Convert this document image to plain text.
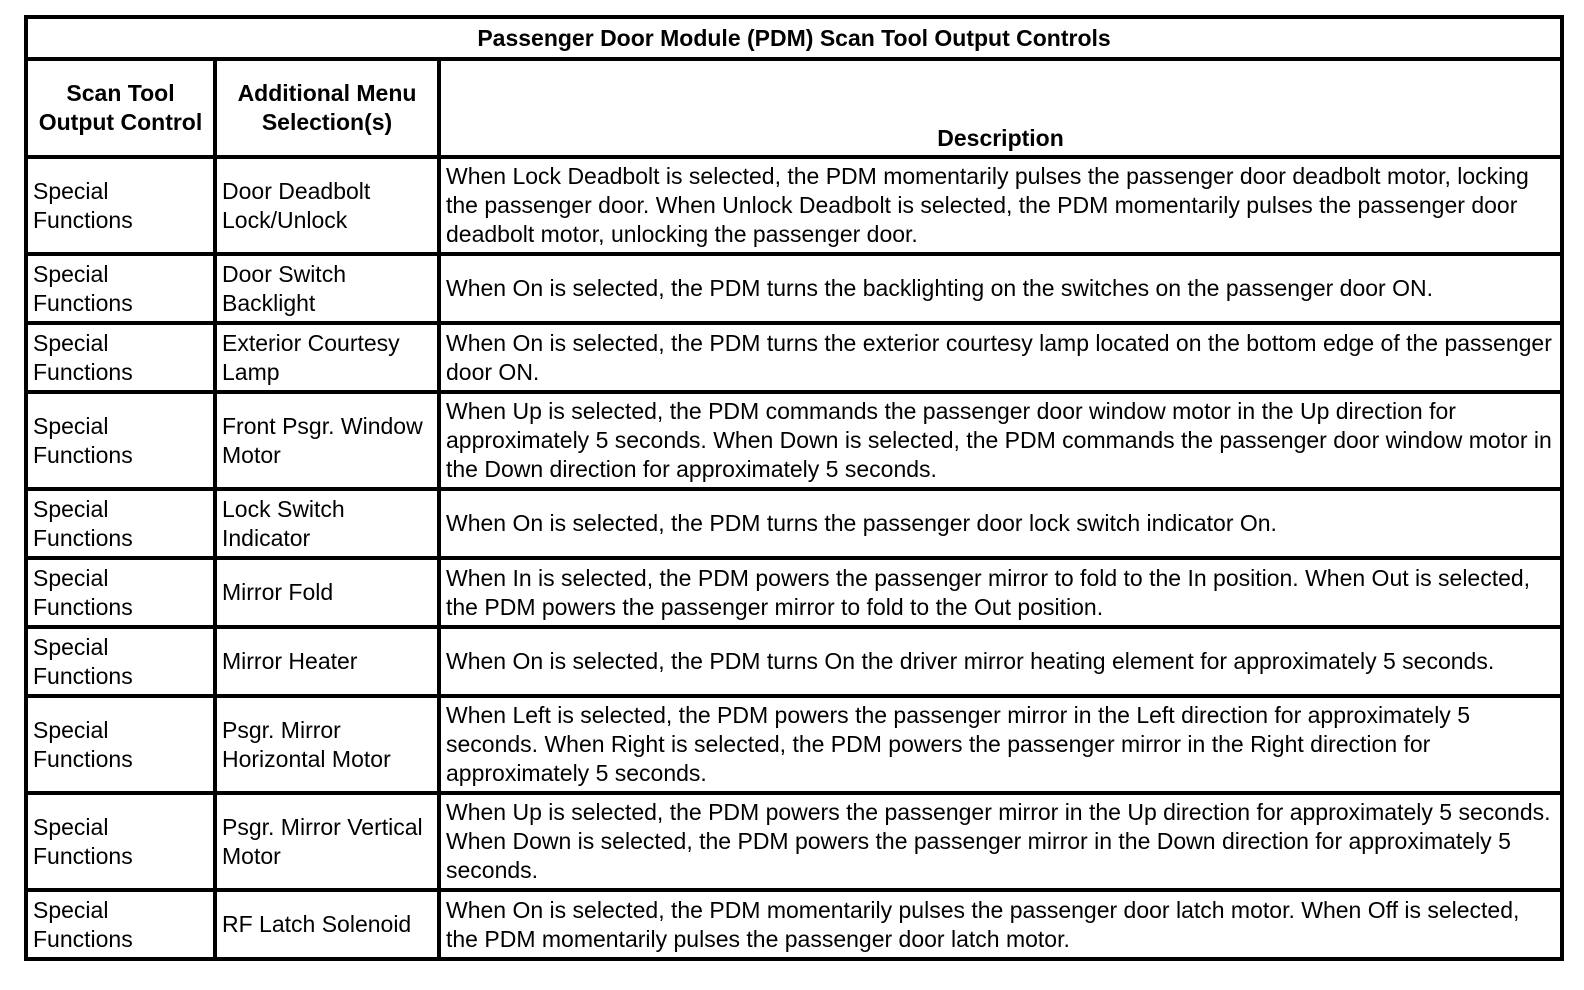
Passenger Door Module (PDM) Scan Tool Output Controls		
Scan Tool Output Control	Additional Menu Selection(s)	Description
Special Functions	Door Deadbolt Lock/Unlock	When Lock Deadbolt is selected, the PDM momentarily pulses the passenger door deadbolt motor, locking the passenger door. When Unlock Deadbolt is selected, the PDM momentarily pulses the passenger door deadbolt motor, unlocking the passenger door.
Special Functions	Door Switch Backlight	When On is selected, the PDM turns the backlighting on the switches on the passenger door ON.
Special Functions	Exterior Courtesy Lamp	When On is selected, the PDM turns the exterior courtesy lamp located on the bottom edge of the passenger door ON.
Special Functions	Front Psgr. Window Motor	When Up is selected, the PDM commands the passenger door window motor in the Up direction for approximately 5 seconds. When Down is selected, the PDM commands the passenger door window motor in the Down direction for approximately 5 seconds.
Special Functions	Lock Switch Indicator	When On is selected, the PDM turns the passenger door lock switch indicator On.
Special Functions	Mirror Fold	When In is selected, the PDM powers the passenger mirror to fold to the In position. When Out is selected, the PDM powers the passenger mirror to fold to the Out position.
Special Functions	Mirror Heater	When On is selected, the PDM turns On the driver mirror heating element for approximately 5 seconds.
Special Functions	Psgr. Mirror Horizontal Motor	When Left is selected, the PDM powers the passenger mirror in the Left direction for approximately 5 seconds. When Right is selected, the PDM powers the passenger mirror in the Right direction for approximately 5 seconds.
Special Functions	Psgr. Mirror Vertical Motor	When Up is selected, the PDM powers the passenger mirror in the Up direction for approximately 5 seconds. When Down is selected, the PDM powers the passenger mirror in the Down direction for approximately 5 seconds.
Special Functions	RF Latch Solenoid	When On is selected, the PDM momentarily pulses the passenger door latch motor. When Off is selected, the PDM momentarily pulses the passenger door latch motor.
